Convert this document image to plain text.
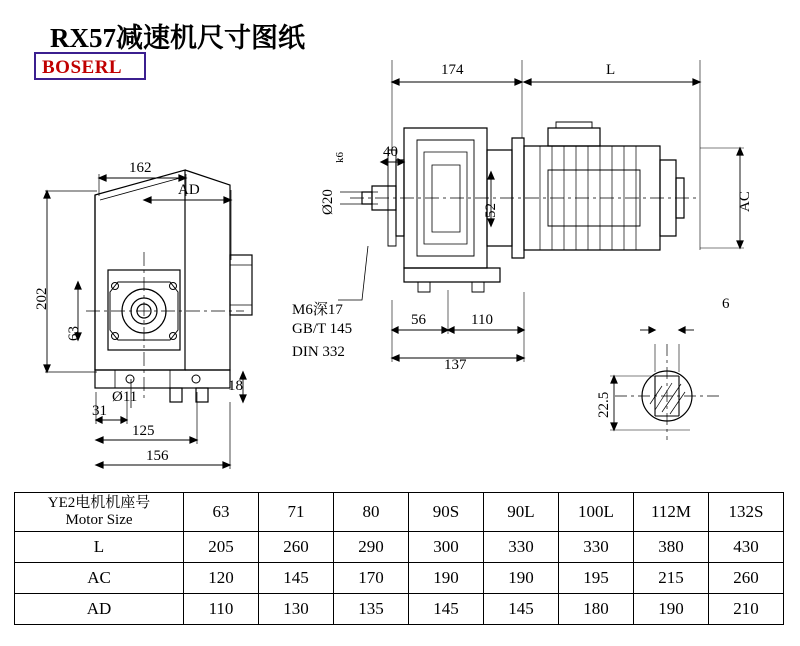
RX57减速机尺寸图纸
BOSERL
162
AD
202
63
Ø11
31
125
156
18
174	L
Ø20
k6 40
52	AC
M6深17
GB/T 145
DIN 332
56	110
137
6
22.5
YE2电机机座号
Motor Size	63	71	80	90S	90L	100L	112M	132S
L	205	260	290	300	330	330	380	430
AC	120	145	170	190	190	195	215	260
AD	110	130	135	145	145	180	190	210
